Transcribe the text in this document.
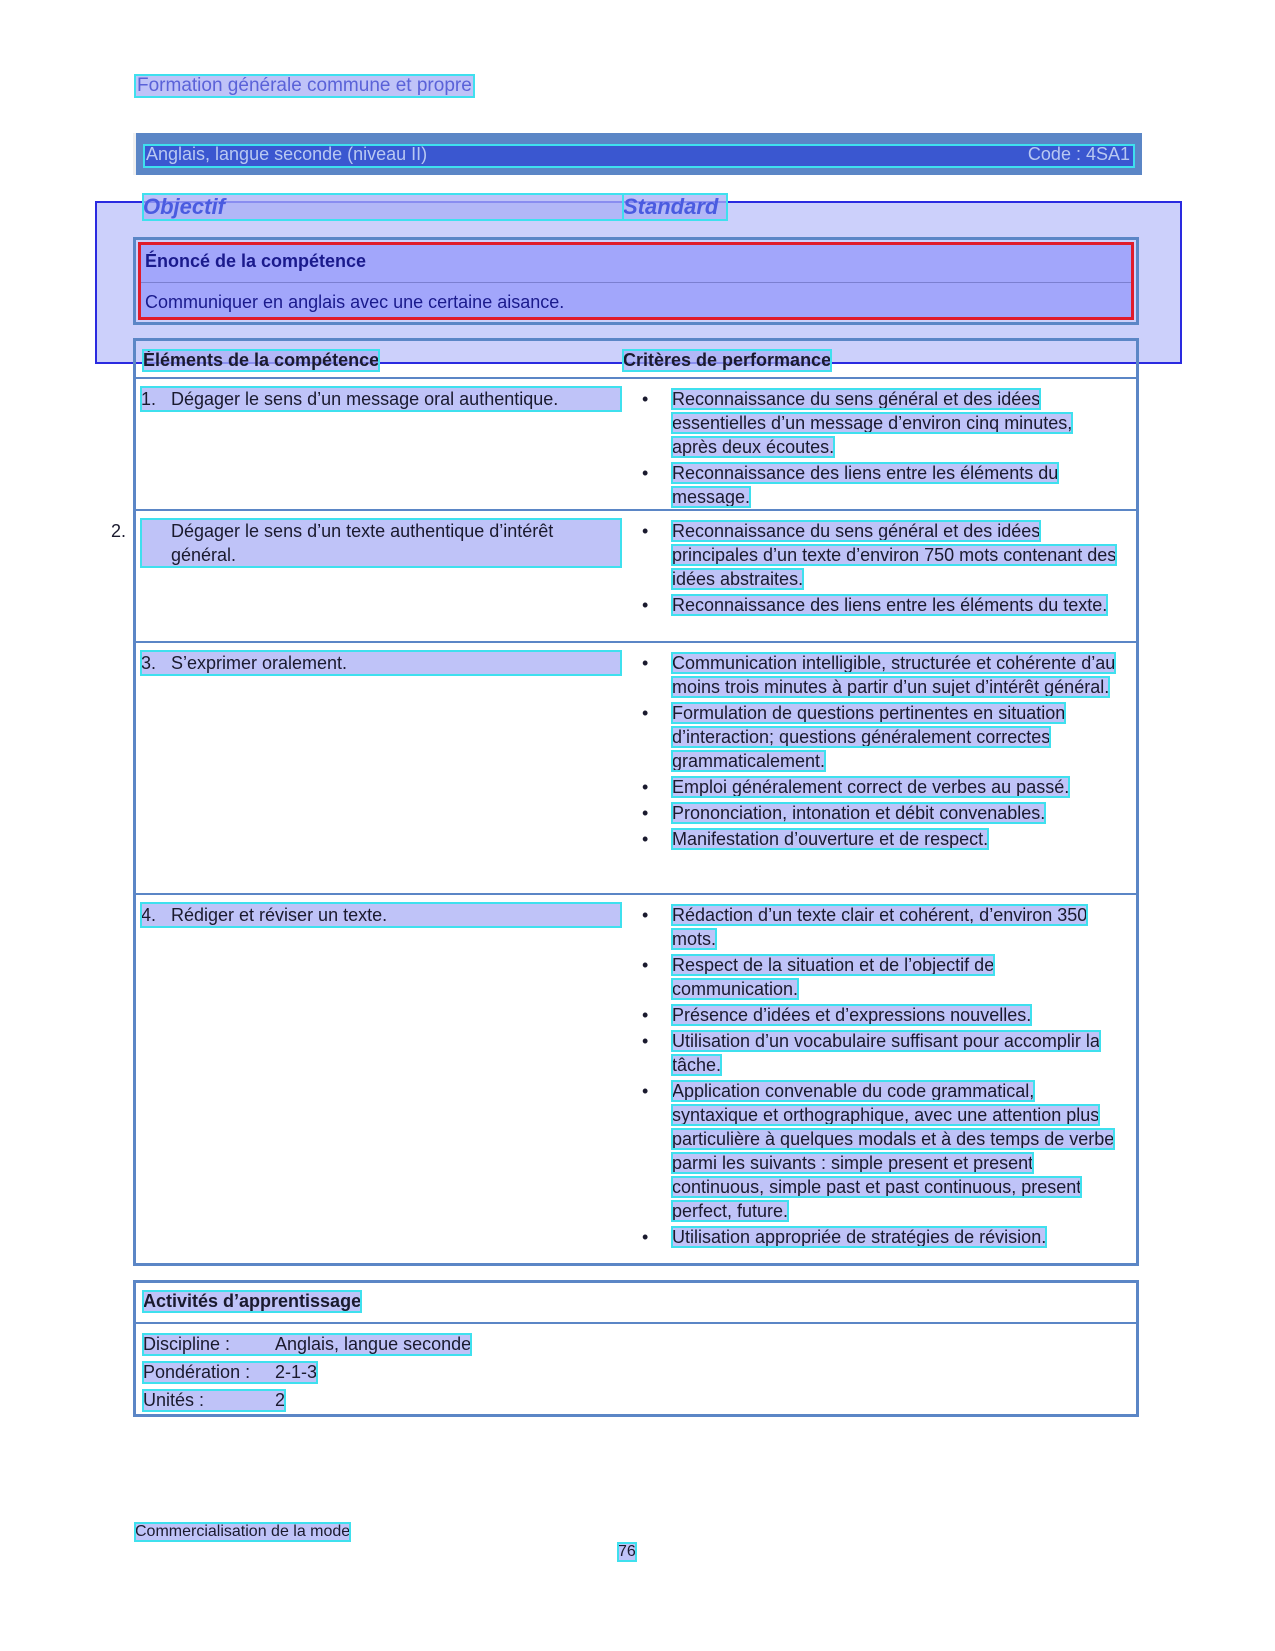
Formation générale commune et propre
Anglais, langue seconde (niveau II)	Code : 4SA1
Objectif	Standard
Énoncé de la compétence
Communiquer en anglais avec une certaine aisance.
Éléments de la compétence	Critères de performance
1. Dégager le sens d’un message oral authentique.	• Reconnaissance du sens général et des idées essentielles d’un message d’environ cinq minutes, après deux écoutes.
• Reconnaissance des liens entre les éléments du message.
2. Dégager le sens d’un texte authentique d’intérêt général.
• Reconnaissance du sens général et des idées principales d’un texte d’environ 750 mots contenant des idées abstraites.
• Reconnaissance des liens entre les éléments du texte.
3. S’exprimer oralement.	• Communication intelligible, structurée et cohérente d’au moins trois minutes à partir d’un sujet d’intérêt général.
• Formulation de questions pertinentes en situation d’interaction; questions généralement correctes grammaticalement.
• Emploi généralement correct de verbes au passé.
• Prononciation, intonation et débit convenables.
• Manifestation d’ouverture et de respect.
4. Rédiger et réviser un texte.	• Rédaction d’un texte clair et cohérent, d’environ 350 mots.
• Respect de la situation et de l’objectif de communication.
• Présence d’idées et d’expressions nouvelles.
• Utilisation d’un vocabulaire suffisant pour accomplir la tâche.
• Application convenable du code grammatical, syntaxique et orthographique, avec une attention plus particulière à quelques modals et à des temps de verbe parmi les suivants : simple present et present continuous, simple past et past continuous, present perfect, future.
• Utilisation appropriée de stratégies de révision.
Activités d’apprentissage
Discipline : Anglais, langue seconde
Pondération : 2-1-3
Unités :	2
Commercialisation de la mode
76
